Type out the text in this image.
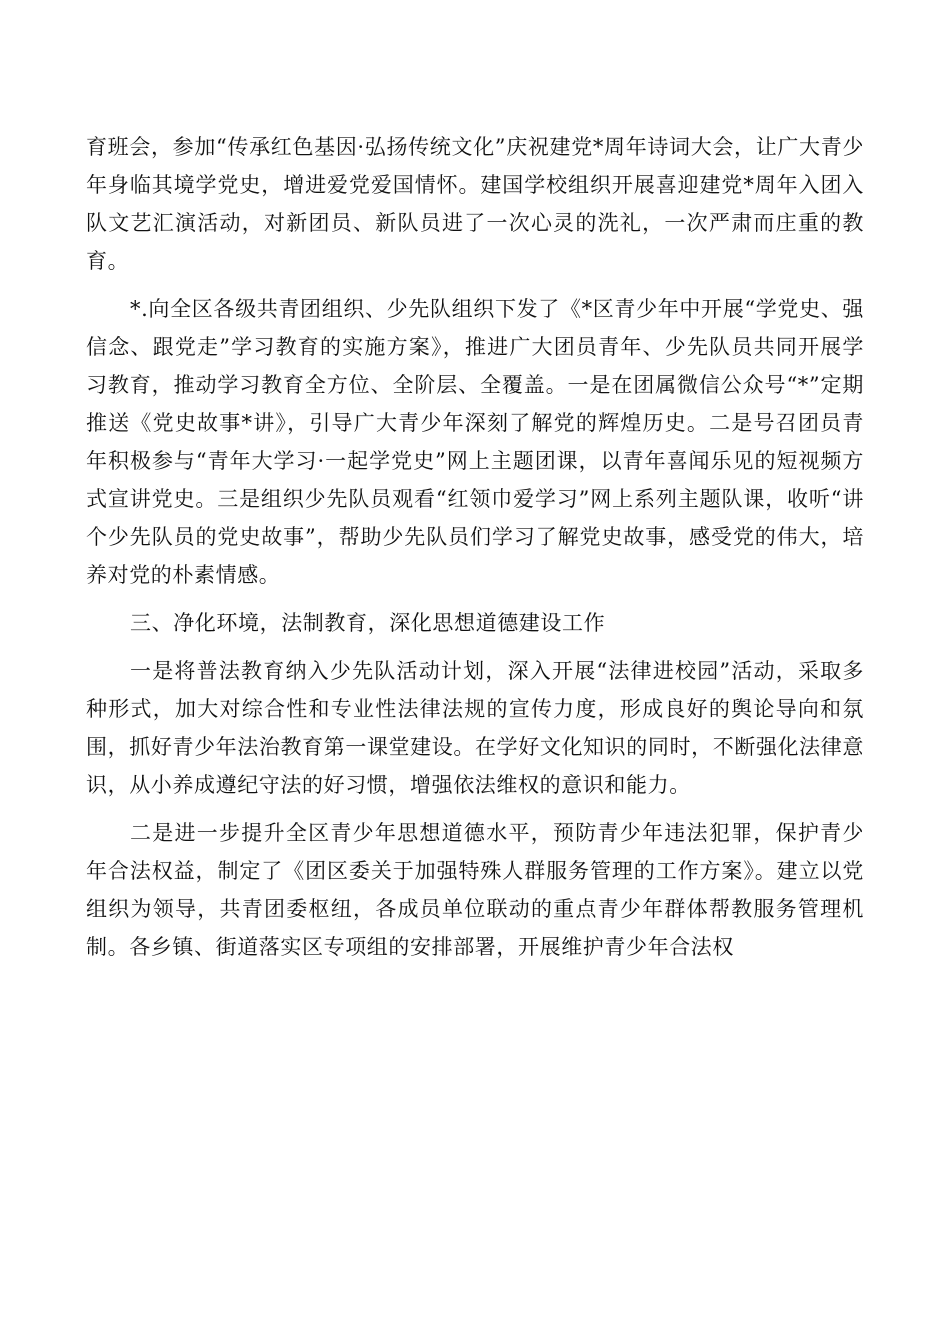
育班会，参加“传承红色基因·弘扬传统文化”庆祝建党*周年诗词大会，让广大青少年身临其境学党史，增进爱党爱国情怀。建国学校组织开展喜迎建党*周年入团入队文艺汇演活动，对新团员、新队员进了一次心灵的洗礼，一次严肃而庄重的教育。

*.向全区各级共青团组织、少先队组织下发了《*区青少年中开展“学党史、强信念、跟党走”学习教育的实施方案》，推进广大团员青年、少先队员共同开展学习教育，推动学习教育全方位、全阶层、全覆盖。一是在团属微信公众号“*”定期推送《党史故事*讲》，引导广大青少年深刻了解党的辉煌历史。二是号召团员青年积极参与“青年大学习·一起学党史”网上主题团课，以青年喜闻乐见的短视频方式宣讲党史。三是组织少先队员观看“红领巾爱学习”网上系列主题队课，收听“讲个少先队员的党史故事”，帮助少先队员们学习了解党史故事，感受党的伟大，培养对党的朴素情感。

三、净化环境，法制教育，深化思想道德建设工作

一是将普法教育纳入少先队活动计划，深入开展“法律进校园”活动，采取多种形式，加大对综合性和专业性法律法规的宣传力度，形成良好的舆论导向和氛围，抓好青少年法治教育第一课堂建设。在学好文化知识的同时，不断强化法律意识，从小养成遵纪守法的好习惯，增强依法维权的意识和能力。

二是进一步提升全区青少年思想道德水平，预防青少年违法犯罪，保护青少年合法权益，制定了《团区委关于加强特殊人群服务管理的工作方案》。建立以党组织为领导，共青团委枢纽，各成员单位联动的重点青少年群体帮教服务管理机制。各乡镇、街道落实区专项组的安排部署，开展维护青少年合法权
